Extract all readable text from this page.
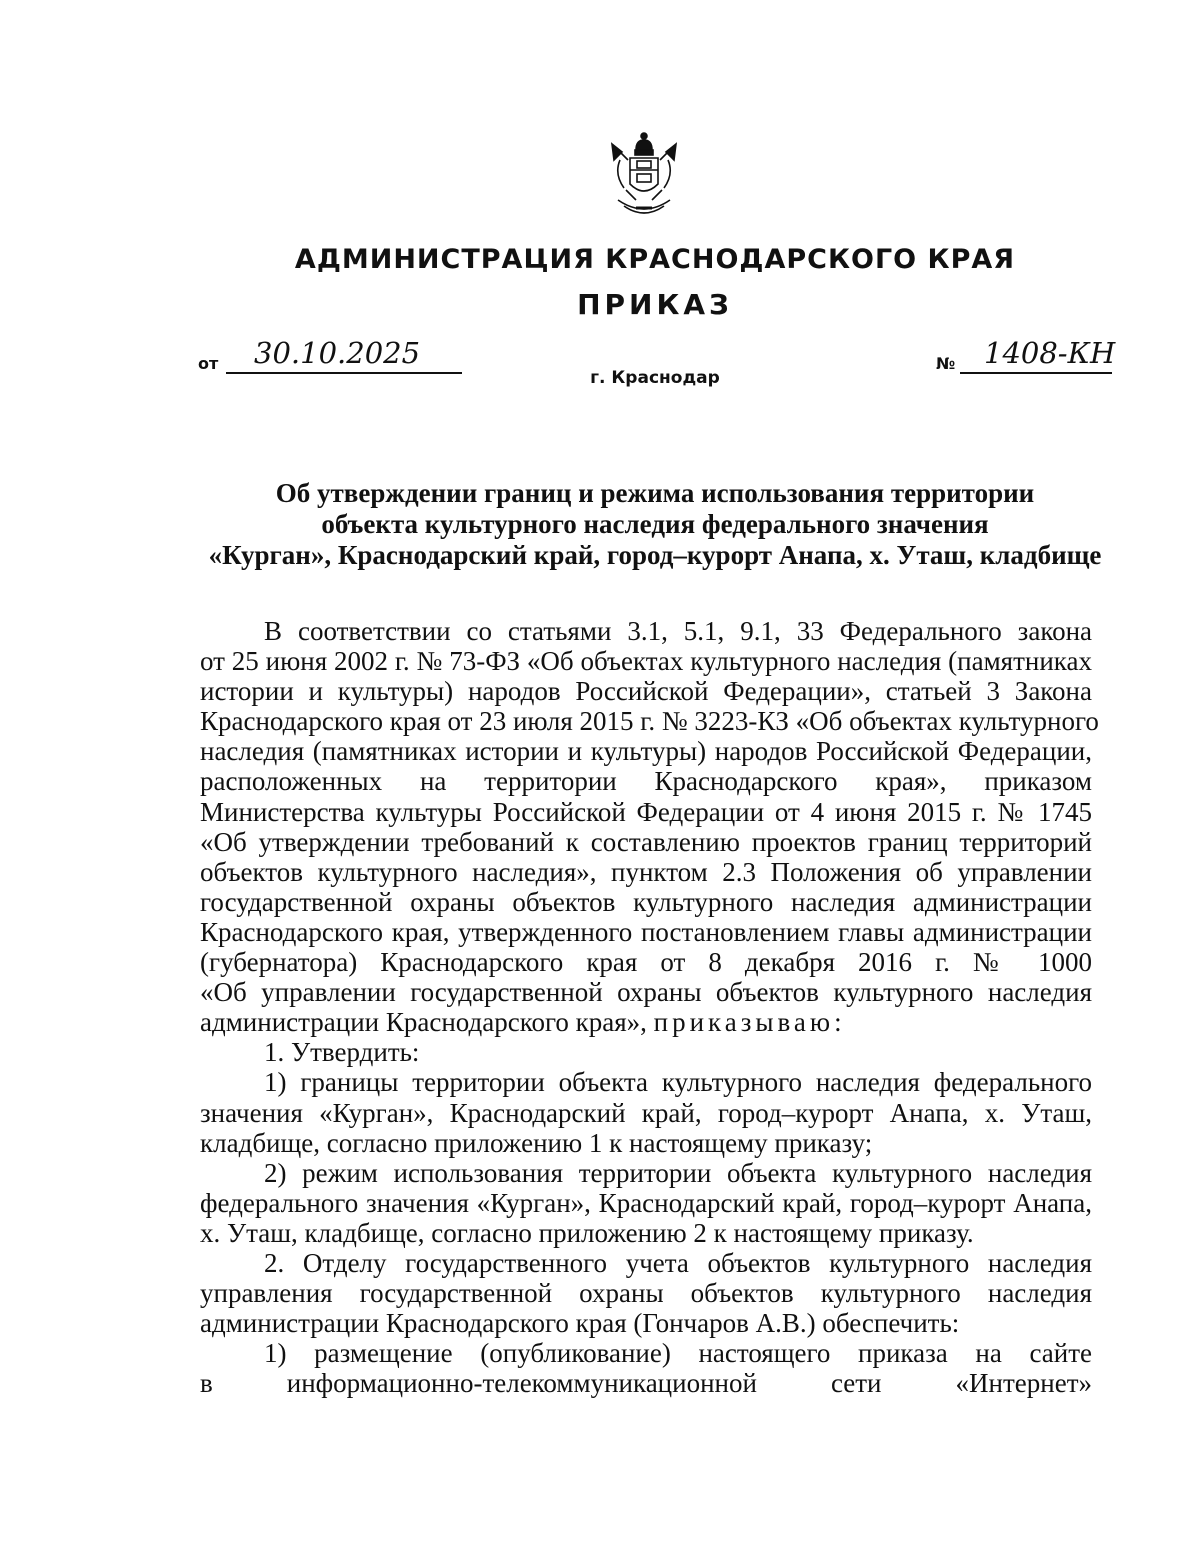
АДМИНИСТРАЦИЯ КРАСНОДАРСКОГО КРАЯ
ПРИКАЗ
от 30.10.2025	№ 1408-КН
г. Краснодар
Об утверждении границ и режима использования территории
объекта культурного наследия федерального значения
«Курган», Краснодарский край, город–курорт Анапа, х. Уташ, кладбище
В соответствии со статьями 3.1, 5.1, 9.1, 33 Федерального закона
от 25 июня 2002 г. № 73-ФЗ «Об объектах культурного наследия (памятниках
истории и культуры) народов Российской Федерации», статьей 3 Закона
Краснодарского края от 23 июля 2015 г. № 3223-КЗ «Об объектах культурного
наследия (памятниках истории и культуры) народов Российской Федерации,
расположенных на территории Краснодарского края», приказом
Министерства культуры Российской Федерации от 4 июня 2015 г. № 1745
«Об утверждении требований к составлению проектов границ территорий
объектов культурного наследия», пунктом 2.3 Положения об управлении
государственной охраны объектов культурного наследия администрации
Краснодарского края, утвержденного постановлением главы администрации
(губернатора) Краснодарского края от 8 декабря 2016 г. № 1000
«Об управлении государственной охраны объектов культурного наследия
администрации Краснодарского края», приказываю:
1. Утвердить:
1) границы территории объекта культурного наследия федерального
значения «Курган», Краснодарский край, город–курорт Анапа, х. Уташ,
кладбище, согласно приложению 1 к настоящему приказу;
2) режим использования территории объекта культурного наследия
федерального значения «Курган», Краснодарский край, город–курорт Анапа,
х. Уташ, кладбище, согласно приложению 2 к настоящему приказу.
2. Отделу государственного учета объектов культурного наследия
управления государственной охраны объектов культурного наследия
администрации Краснодарского края (Гончаров А.В.) обеспечить:
1) размещение (опубликование) настоящего приказа на сайте
в информационно-телекоммуникационной сети «Интернет»
